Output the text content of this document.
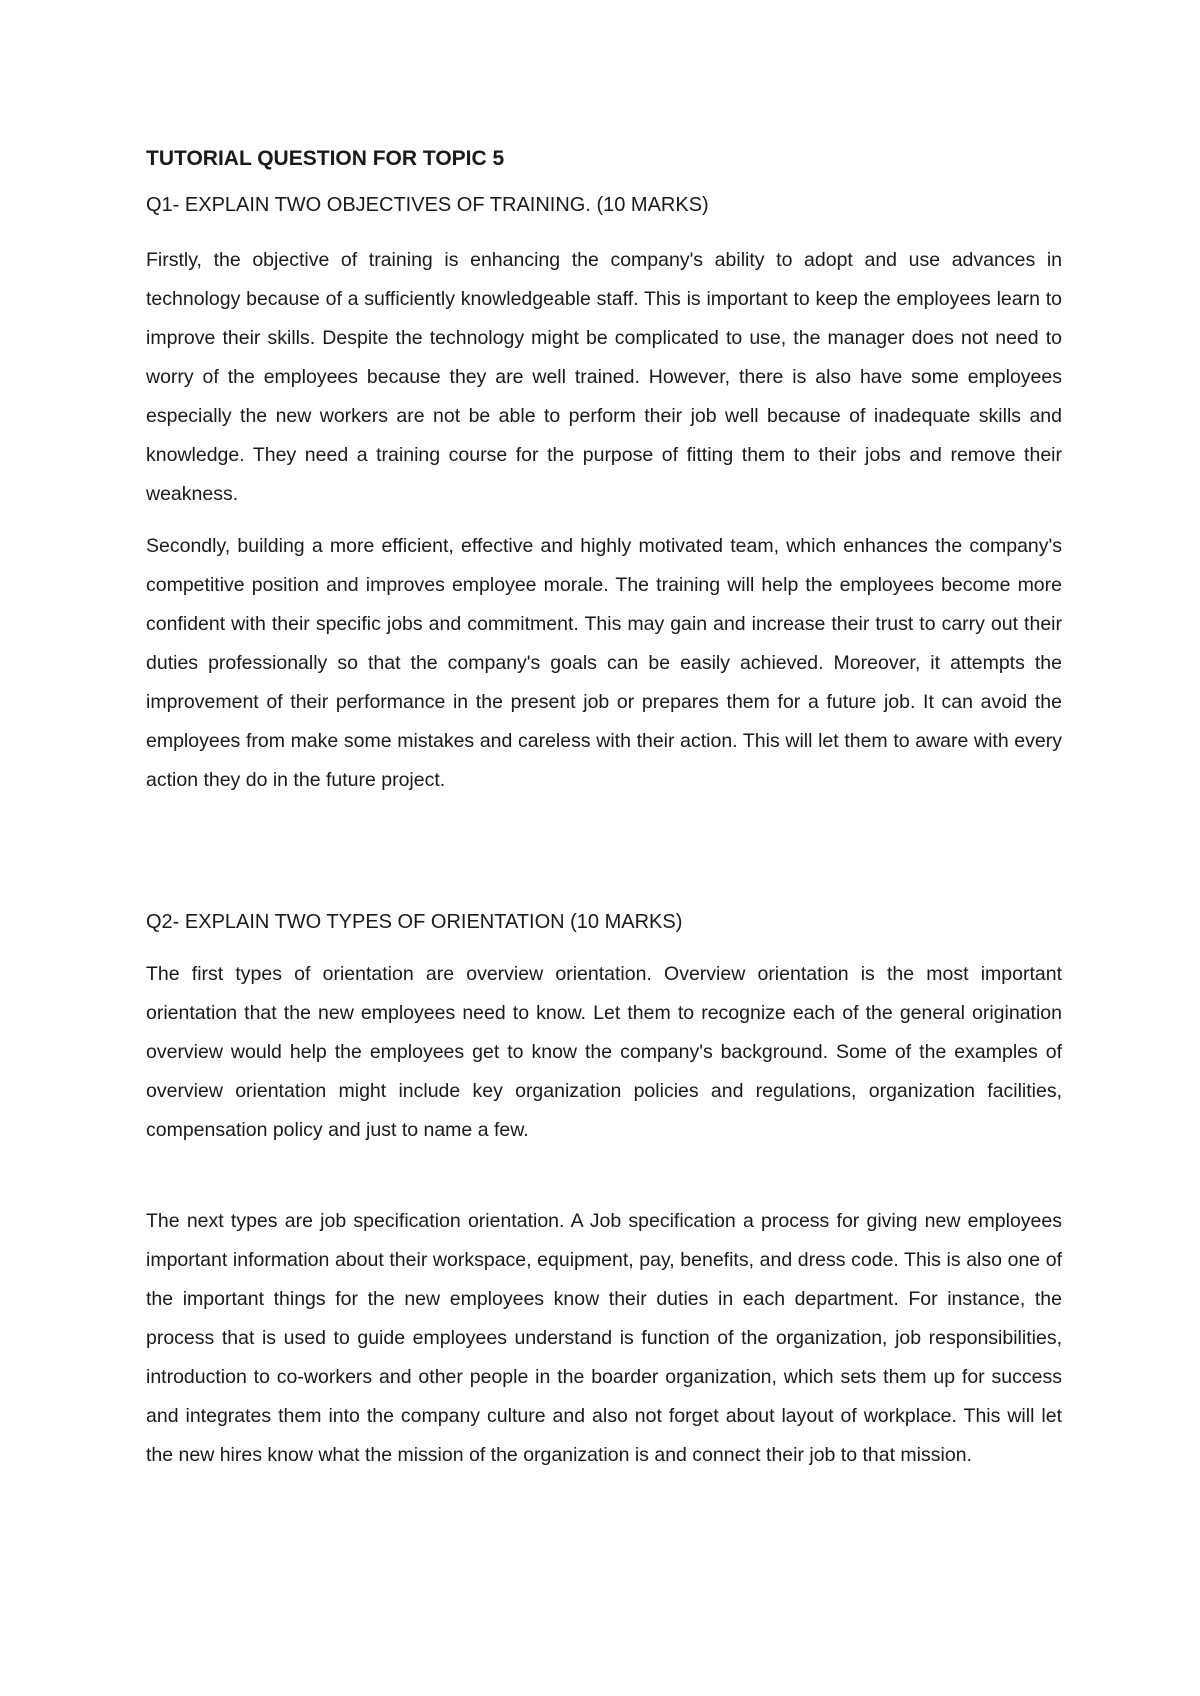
TUTORIAL QUESTION FOR TOPIC 5
Q1- EXPLAIN TWO OBJECTIVES OF TRAINING. (10 MARKS)

Firstly, the objective of training is enhancing the company's ability to adopt and use advances in technology because of a sufficiently knowledgeable staff. This is important to keep the employees learn to improve their skills. Despite the technology might be complicated to use, the manager does not need to worry of the employees because they are well trained. However, there is also have some employees especially the new workers are not be able to perform their job well because of inadequate skills and knowledge. They need a training course for the purpose of fitting them to their jobs and remove their weakness.

Secondly, building a more efficient, effective and highly motivated team, which enhances the company's competitive position and improves employee morale. The training will help the employees become more confident with their specific jobs and commitment. This may gain and increase their trust to carry out their duties professionally so that the company's goals can be easily achieved. Moreover, it attempts the improvement of their performance in the present job or prepares them for a future job. It can avoid the employees from make some mistakes and careless with their action. This will let them to aware with every action they do in the future project.

Q2- EXPLAIN TWO TYPES OF ORIENTATION (10 MARKS)

The first types of orientation are overview orientation. Overview orientation is the most important orientation that the new employees need to know. Let them to recognize each of the general origination overview would help the employees get to know the company's background. Some of the examples of overview orientation might include key organization policies and regulations, organization facilities, compensation policy and just to name a few.

The next types are job specification orientation. A Job specification a process for giving new employees important information about their workspace, equipment, pay, benefits, and dress code. This is also one of the important things for the new employees know their duties in each department. For instance, the process that is used to guide employees understand is function of the organization, job responsibilities, introduction to co-workers and other people in the boarder organization, which sets them up for success and integrates them into the company culture and also not forget about layout of workplace. This will let the new hires know what the mission of the organization is and connect their job to that mission.
